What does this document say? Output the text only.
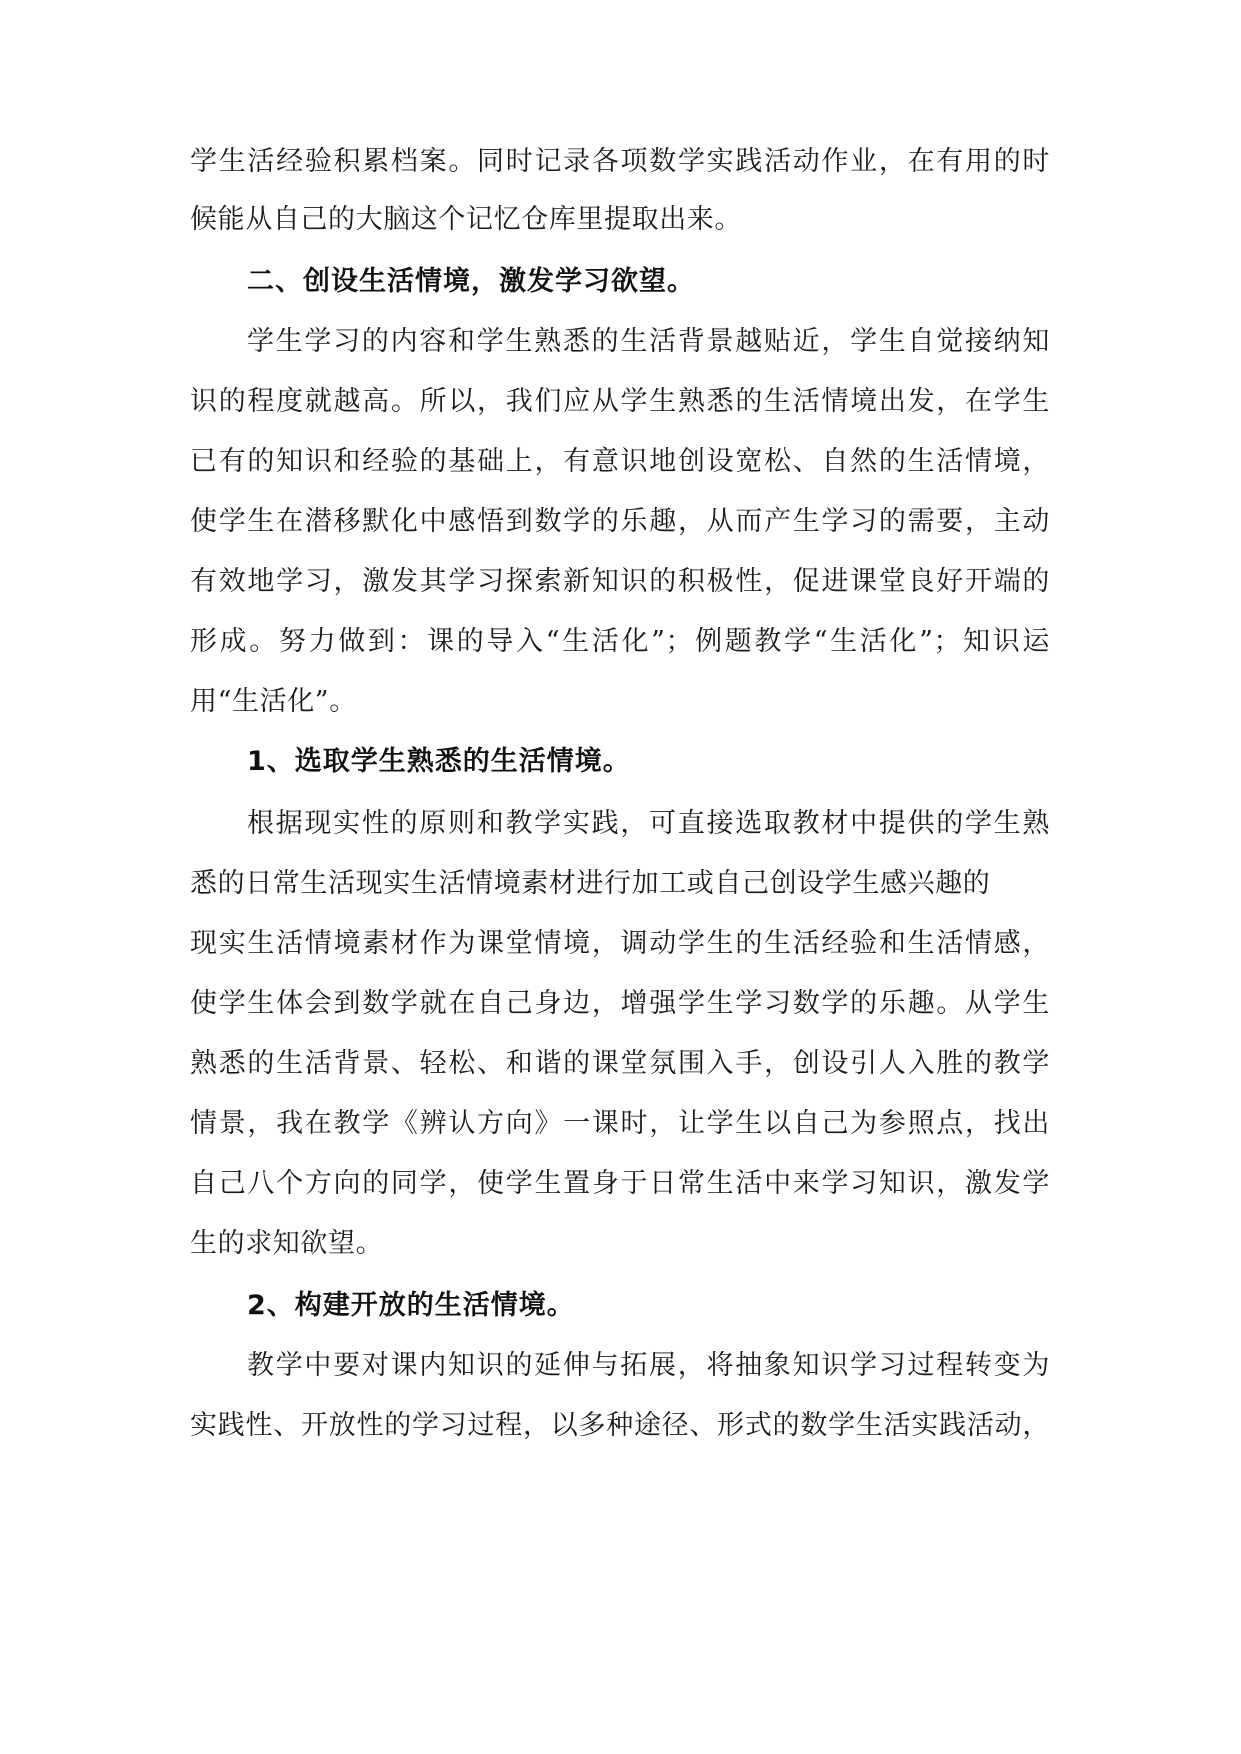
学生活经验积累档案。同时记录各项数学实践活动作业，在有用的时
候能从自己的大脑这个记忆仓库里提取出来。
二、创设生活情境，激发学习欲望。
学生学习的内容和学生熟悉的生活背景越贴近，学生自觉接纳知
识的程度就越高。所以，我们应从学生熟悉的生活情境出发，在学生
已有的知识和经验的基础上，有意识地创设宽松、自然的生活情境，
使学生在潜移默化中感悟到数学的乐趣，从而产生学习的需要，主动
有效地学习，激发其学习探索新知识的积极性，促进课堂良好开端的
形成。努力做到：课的导入“生活化”；例题教学“生活化”；知识运
用“生活化”。
1、选取学生熟悉的生活情境。
根据现实性的原则和教学实践，可直接选取教材中提供的学生熟
悉的日常生活现实生活情境素材进行加工或自己创设学生感兴趣的
现实生活情境素材作为课堂情境，调动学生的生活经验和生活情感，
使学生体会到数学就在自己身边，增强学生学习数学的乐趣。从学生
熟悉的生活背景、轻松、和谐的课堂氛围入手，创设引人入胜的教学
情景，我在教学《辨认方向》一课时，让学生以自己为参照点，找出
自己八个方向的同学，使学生置身于日常生活中来学习知识，激发学
生的求知欲望。
2、构建开放的生活情境。
教学中要对课内知识的延伸与拓展，将抽象知识学习过程转变为
实践性、开放性的学习过程，以多种途径、形式的数学生活实践活动，
